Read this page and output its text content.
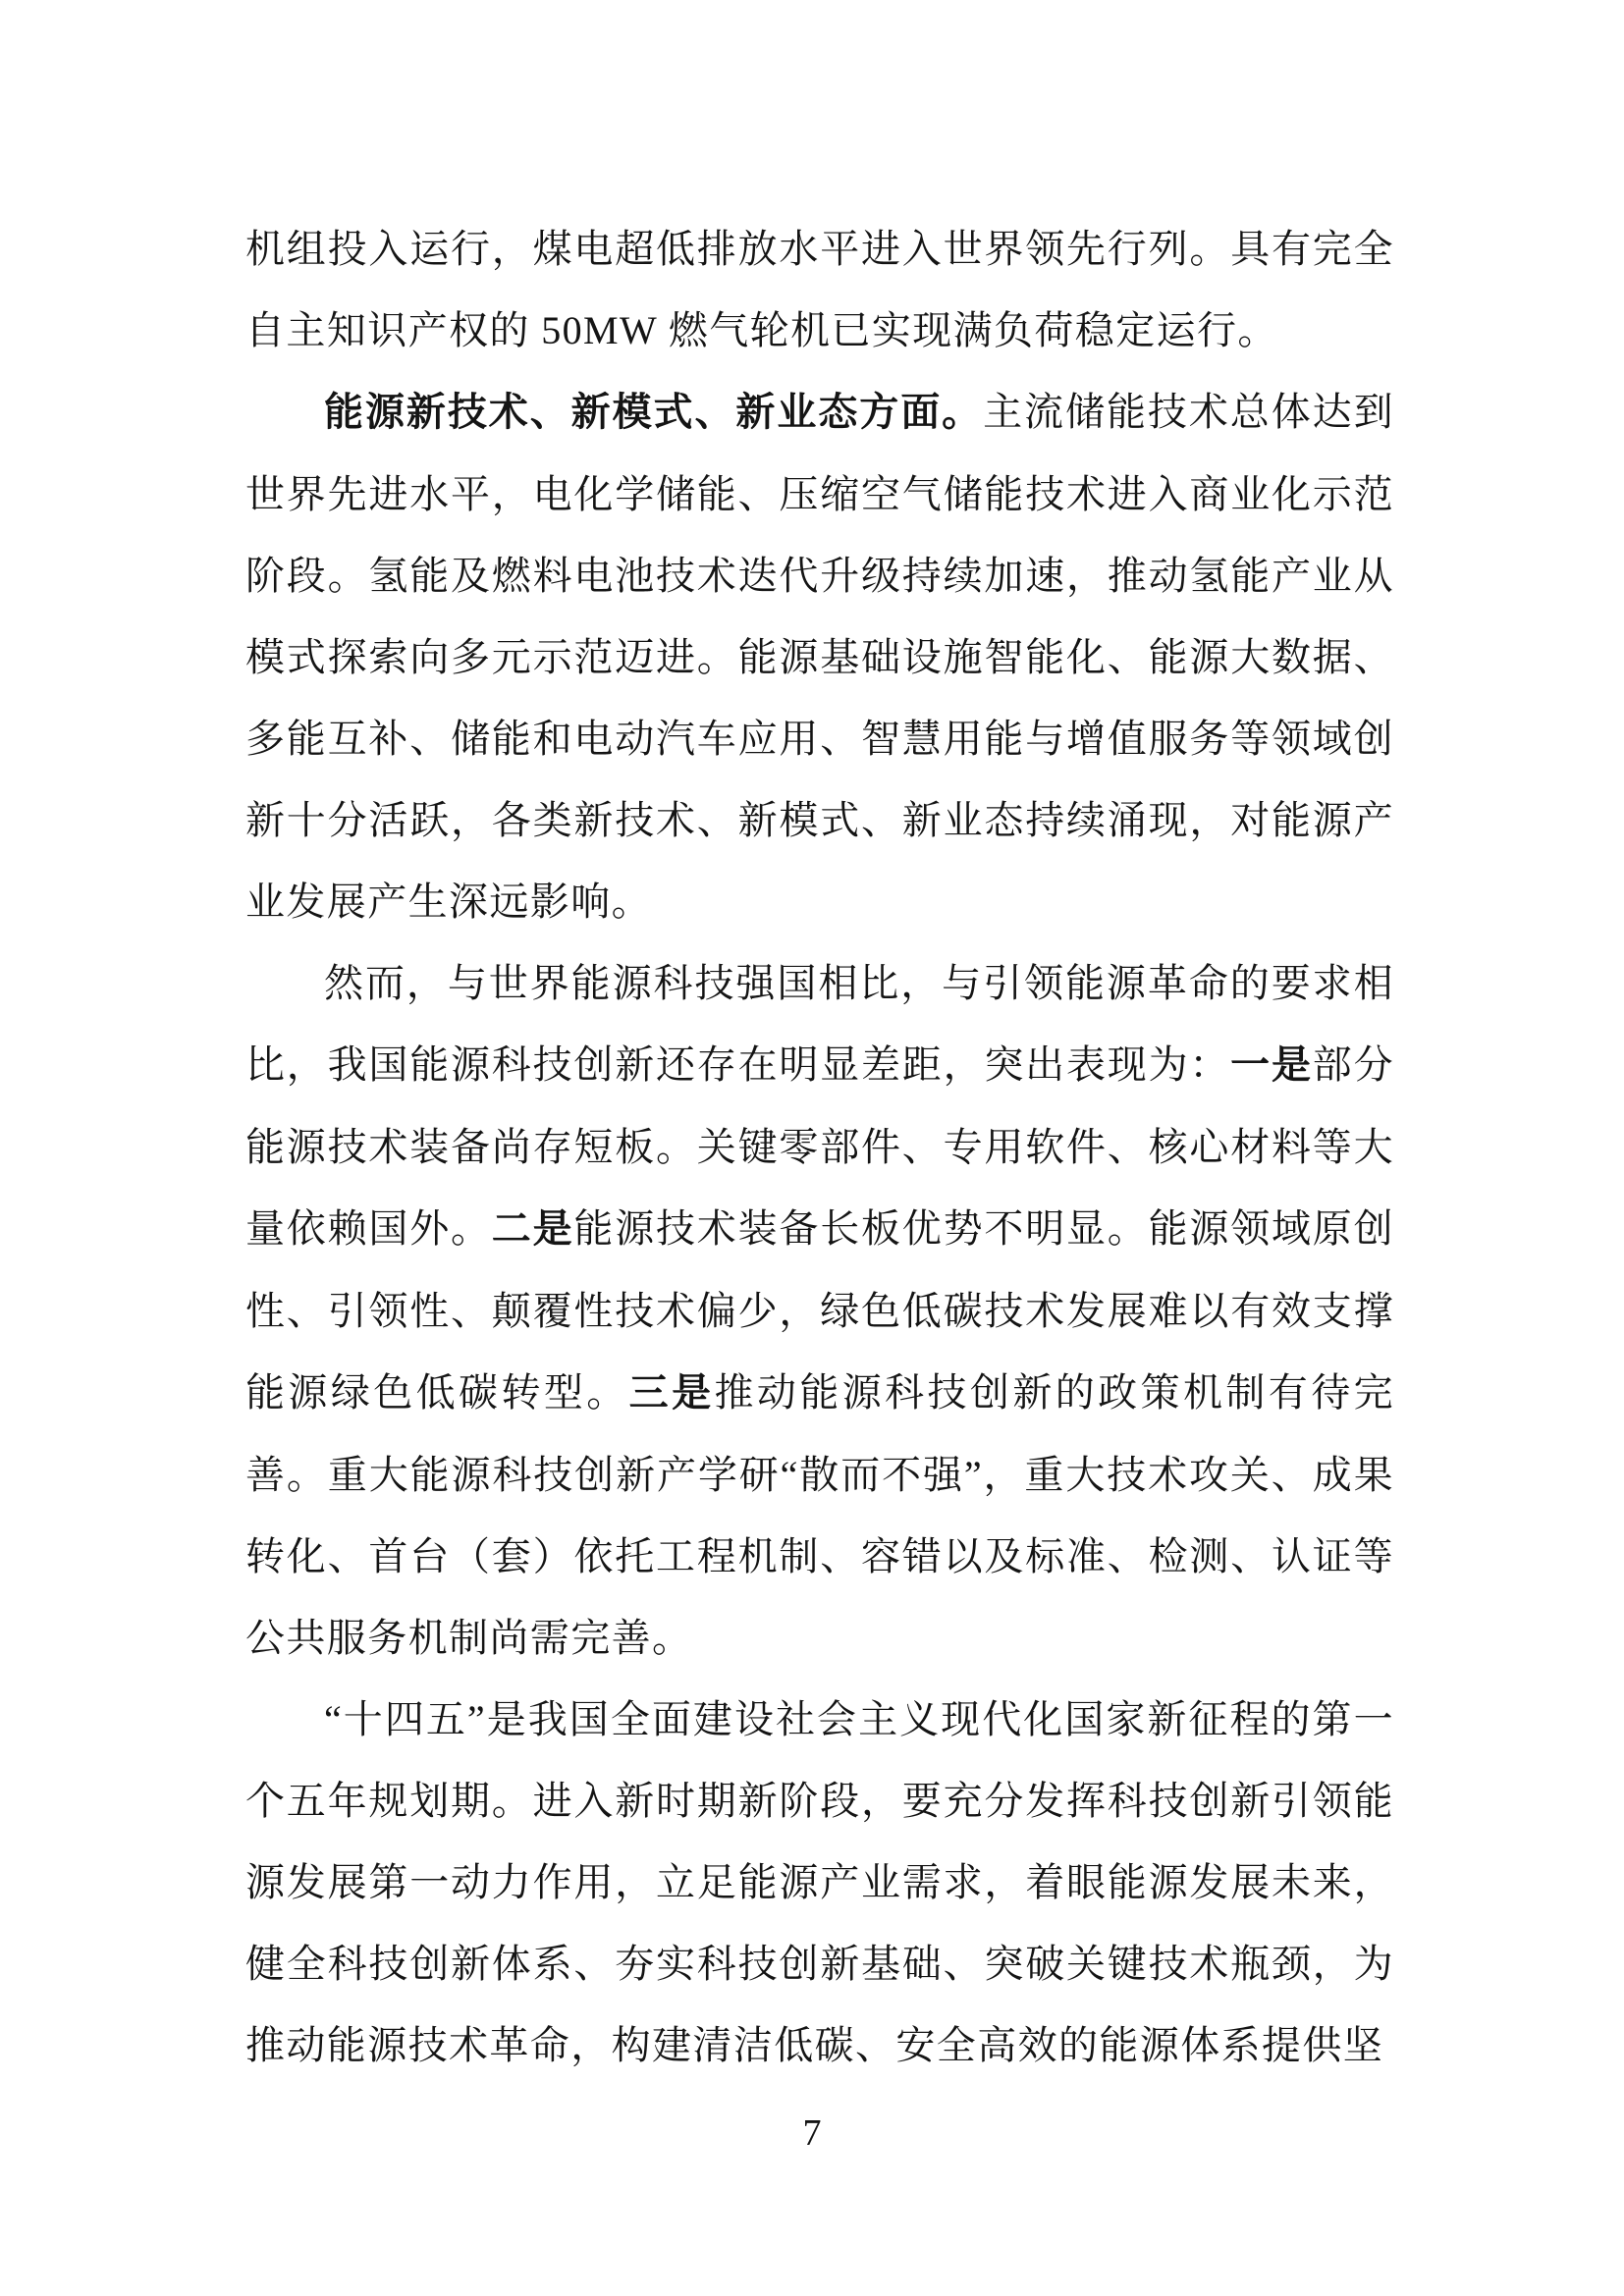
机组投入运行，煤电超低排放水平进入世界领先行列。具有完全自主知识产权的 50MW 燃气轮机已实现满负荷稳定运行。

能源新技术、新模式、新业态方面。主流储能技术总体达到世界先进水平，电化学储能、压缩空气储能技术进入商业化示范阶段。氢能及燃料电池技术迭代升级持续加速，推动氢能产业从模式探索向多元示范迈进。能源基础设施智能化、能源大数据、多能互补、储能和电动汽车应用、智慧用能与增值服务等领域创新十分活跃，各类新技术、新模式、新业态持续涌现，对能源产业发展产生深远影响。

然而，与世界能源科技强国相比，与引领能源革命的要求相比，我国能源科技创新还存在明显差距，突出表现为：一是部分能源技术装备尚存短板。关键零部件、专用软件、核心材料等大量依赖国外。二是能源技术装备长板优势不明显。能源领域原创性、引领性、颠覆性技术偏少，绿色低碳技术发展难以有效支撑能源绿色低碳转型。三是推动能源科技创新的政策机制有待完善。重大能源科技创新产学研“散而不强”，重大技术攻关、成果转化、首台（套）依托工程机制、容错以及标准、检测、认证等公共服务机制尚需完善。

“十四五”是我国全面建设社会主义现代化国家新征程的第一个五年规划期。进入新时期新阶段，要充分发挥科技创新引领能源发展第一动力作用，立足能源产业需求，着眼能源发展未来，健全科技创新体系、夯实科技创新基础、突破关键技术瓶颈，为推动能源技术革命，构建清洁低碳、安全高效的能源体系提供坚

7
